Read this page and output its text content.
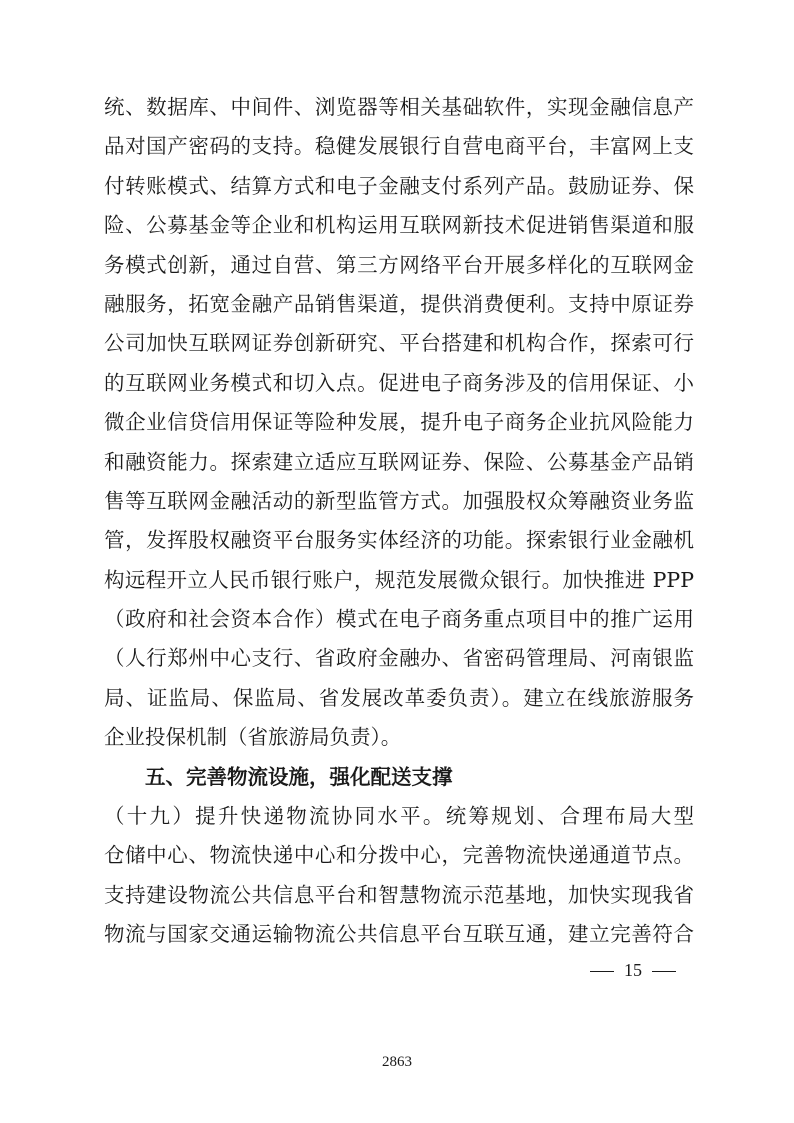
统、数据库、中间件、浏览器等相关基础软件，实现金融信息产
品对国产密码的支持。稳健发展银行自营电商平台，丰富网上支
付转账模式、结算方式和电子金融支付系列产品。鼓励证券、保
险、公募基金等企业和机构运用互联网新技术促进销售渠道和服
务模式创新，通过自营、第三方网络平台开展多样化的互联网金
融服务，拓宽金融产品销售渠道，提供消费便利。支持中原证券
公司加快互联网证券创新研究、平台搭建和机构合作，探索可行
的互联网业务模式和切入点。促进电子商务涉及的信用保证、小
微企业信贷信用保证等险种发展，提升电子商务企业抗风险能力
和融资能力。探索建立适应互联网证券、保险、公募基金产品销
售等互联网金融活动的新型监管方式。加强股权众筹融资业务监
管，发挥股权融资平台服务实体经济的功能。探索银行业金融机
构远程开立人民币银行账户，规范发展微众银行。加快推进 PPP
（政府和社会资本合作）模式在电子商务重点项目中的推广运用
（人行郑州中心支行、省政府金融办、省密码管理局、河南银监
局、证监局、保监局、省发展改革委负责）。建立在线旅游服务
企业投保机制（省旅游局负责）。
五、完善物流设施，强化配送支撑
（十九）提升快递物流协同水平。统筹规划、合理布局大型
仓储中心、物流快递中心和分拨中心，完善物流快递通道节点。
支持建设物流公共信息平台和智慧物流示范基地，加快实现我省
物流与国家交通运输物流公共信息平台互联互通，建立完善符合
15
2863
